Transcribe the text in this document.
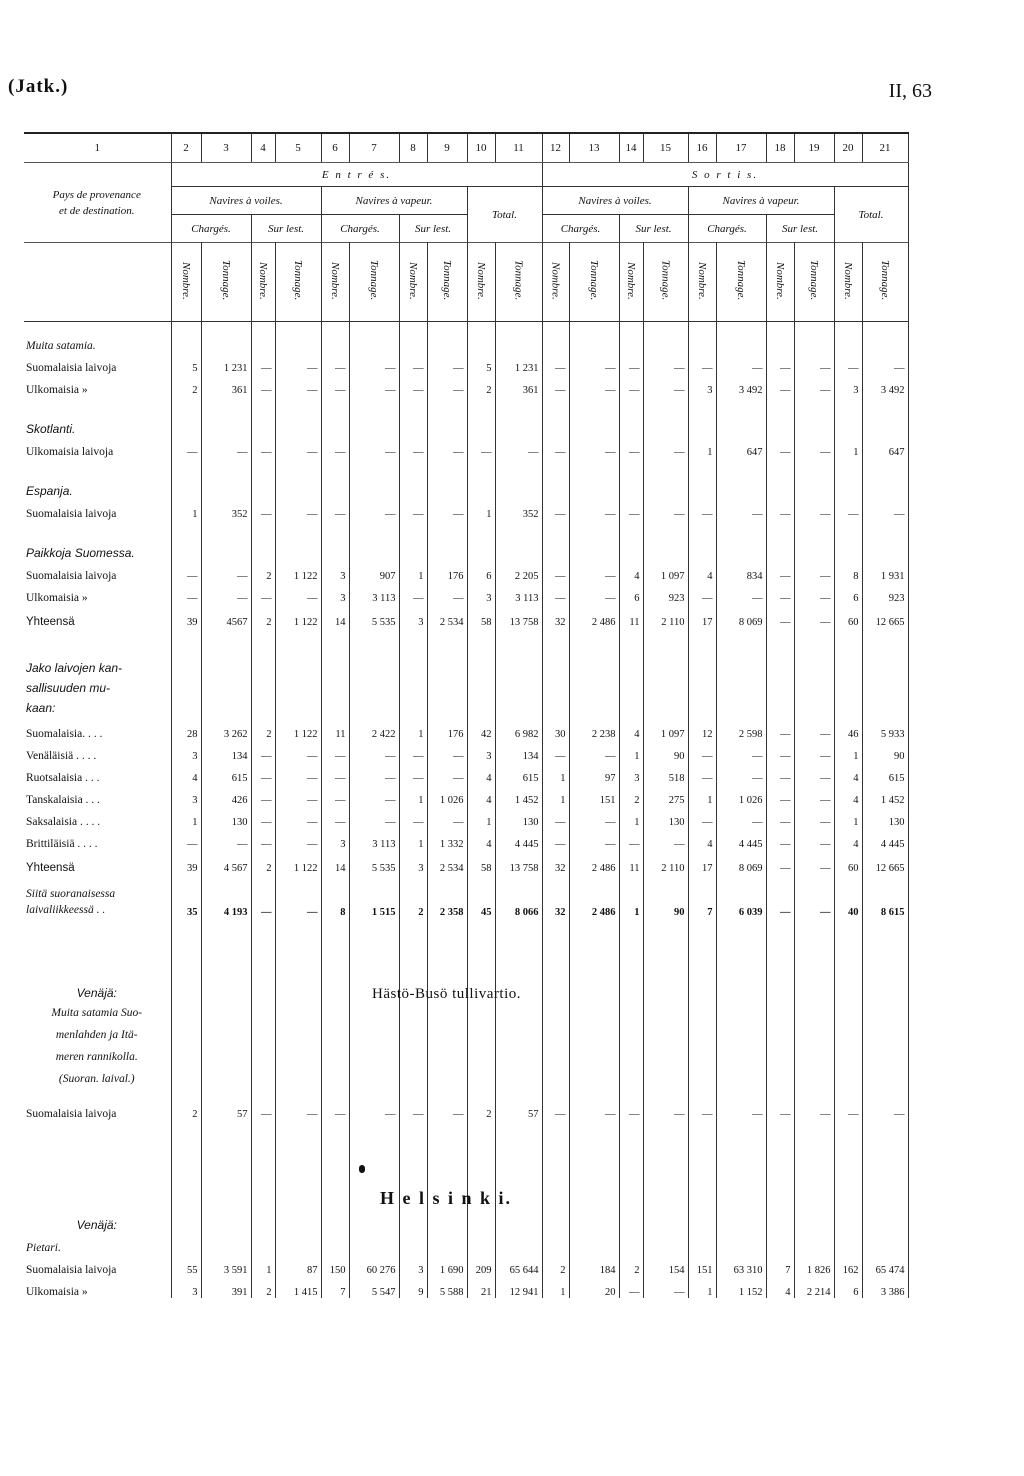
(Jatk.)	II, 63
1	2	3	4	5	6	7	8	9	10	11	12	13	14	15	16	17	18	19	20	21
Pays de provenance
et de destination.	E n t r é s.										S o r t i s.									
	Navires à voiles.				Navires à vapeur.				Total.		Navires à voiles.				Navires à vapeur.				Total.	
	Chargés.		Sur lest.		Chargés.		Sur lest.				Chargés.		Sur lest.		Chargés.		Sur lest.			
	Nombre.	Tonnage.	Nombre.	Tonnage.	Nombre.	Tonnage.	Nombre.	Tonnage.	Nombre.	Tonnage.	Nombre.	Tonnage.	Nombre.	Tonnage.	Nombre.	Tonnage.	Nombre.	Tonnage.	Nombre.	Tonnage.
Muita satamia.																				
Suomalaisia laivoja	5	1 231	—	—	—	—	—	—	5	1 231	—	—	—	—	—	—	—	—	—	—
Ulkomaisia »	2	361	—	—	—	—	—	—	2	361	—	—	—	—	3	3 492	—	—	3	3 492
Skotlanti.																				
Ulkomaisia laivoja	—	—	—	—	—	—	—	—	—	—	—	—	—	—	1	647	—	—	1	647
Espanja.																				
Suomalaisia laivoja	1	352	—	—	—	—	—	—	1	352	—	—	—	—	—	—	—	—	—	—
Paikkoja Suomessa.																				
Suomalaisia laivoja	—	—	2	1 122	3	907	1	176	6	2 205	—	—	4	1 097	4	834	—	—	8	1 931
Ulkomaisia »	—	—	—	—	3	3 113	—	—	3	3 113	—	—	6	923	—	—	—	—	6	923
Yhteensä	39	4567	2	1 122	14	5 535	3	2 534	58	13 758	32	2 486	11	2 110	17	8 069	—	—	60	12 665
Jako laivojen kan-
sallisuuden mu-
kaan:																				
Suomalaisia. . . .	28	3 262	2	1 122	11	2 422	1	176	42	6 982	30	2 238	4	1 097	12	2 598	—	—	46	5 933
Venäläisiä . . . .	3	134	—	—	—	—	—	—	3	134	—	—	1	90	—	—	—	—	1	90
Ruotsalaisia . . .	4	615	—	—	—	—	—	—	4	615	1	97	3	518	—	—	—	—	4	615
Tanskalaisia . . .	3	426	—	—	—	—	1	1 026	4	1 452	1	151	2	275	1	1 026	—	—	4	1 452
Saksalaisia . . . .	1	130	—	—	—	—	—	—	1	130	—	—	1	130	—	—	—	—	1	130
Brittiläisiä . . . .	—	—	—	—	3	3 113	1	1 332	4	4 445	—	—	—	—	4	4 445	—	—	4	4 445
Yhteensä	39	4 567	2	1 122	14	5 535	3	2 534	58	13 758	32	2 486	11	2 110	17	8 069	—	—	60	12 665
Siitä suoranaisessa
laivaliikkeessä . .	35	4 193	—	—	8	1 515	2	2 358	45	8 066	32	2 486	1	90	7	6 039	—	—	40	8 615
Venäjä:																				
Muita satamia Suo-
menlahden ja Itä-
meren rannikolla.
(Suoran. laival.)																				
Suomalaisia laivoja	2	57	—	—	—	—	—	—	2	57	—	—	—	—	—	—	—	—	—	—
Venäjä:																				
Pietari.																				
Suomalaisia laivoja	55	3 591	1	87	150	60 276	3	1 690	209	65 644	2	184	2	154	151	63 310	7	1 826	162	65 474
Ulkomaisia »	3	391	2	1 415	7	5 547	9	5 588	21	12 941	1	20	—	—	1	1 152	4	2 214	6	3 386
Hästö-Busö tullivartio.
H e l s i n k i.
